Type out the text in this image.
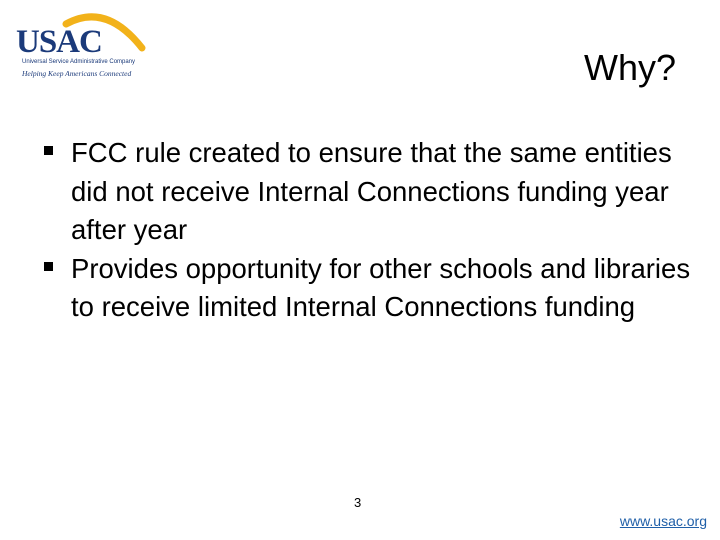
USAC
Universal Service Administrative Company
Helping Keep Americans Connected	Why?
FCC rule created to ensure that the same entities did not receive Internal Connections funding year after year
Provides opportunity for other schools and libraries to receive limited Internal Connections funding
3
www.usac.org
